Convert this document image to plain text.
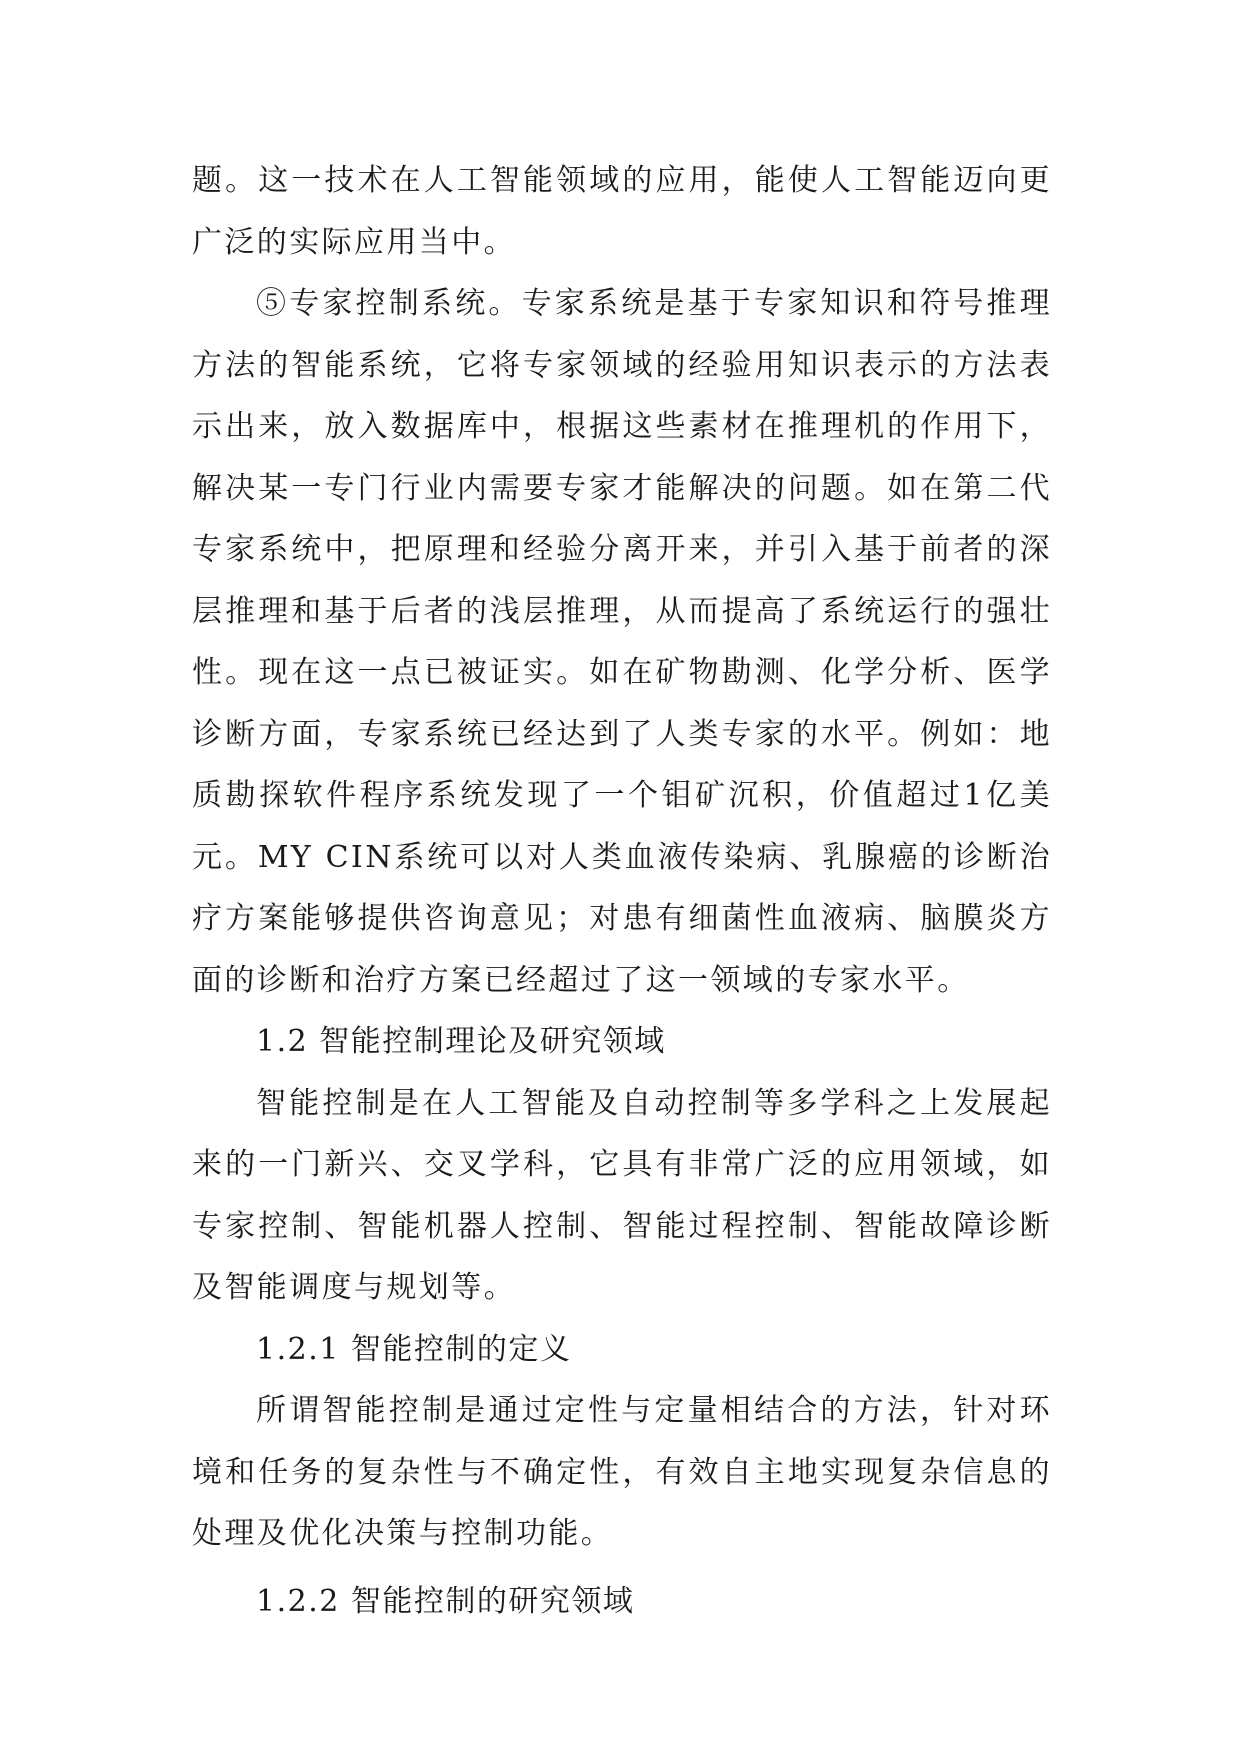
题。这一技术在人工智能领域的应用，能使人工智能迈向更广泛的实际应用当中。

⑤专家控制系统。专家系统是基于专家知识和符号推理方法的智能系统，它将专家领域的经验用知识表示的方法表示出来，放入数据库中，根据这些素材在推理机的作用下，解决某一专门行业内需要专家才能解决的问题。如在第二代专家系统中，把原理和经验分离开来，并引入基于前者的深层推理和基于后者的浅层推理，从而提高了系统运行的强壮性。现在这一点已被证实。如在矿物勘测、化学分析、医学诊断方面，专家系统已经达到了人类专家的水平。例如：地质勘探软件程序系统发现了一个钼矿沉积，价值超过1亿美元。MY CIN系统可以对人类血液传染病、乳腺癌的诊断治疗方案能够提供咨询意见；对患有细菌性血液病、脑膜炎方面的诊断和治疗方案已经超过了这一领域的专家水平。

1.2 智能控制理论及研究领域

智能控制是在人工智能及自动控制等多学科之上发展起来的一门新兴、交叉学科，它具有非常广泛的应用领域，如专家控制、智能机器人控制、智能过程控制、智能故障诊断及智能调度与规划等。

1.2.1 智能控制的定义

所谓智能控制是通过定性与定量相结合的方法，针对环境和任务的复杂性与不确定性，有效自主地实现复杂信息的处理及优化决策与控制功能。

1.2.2 智能控制的研究领域
